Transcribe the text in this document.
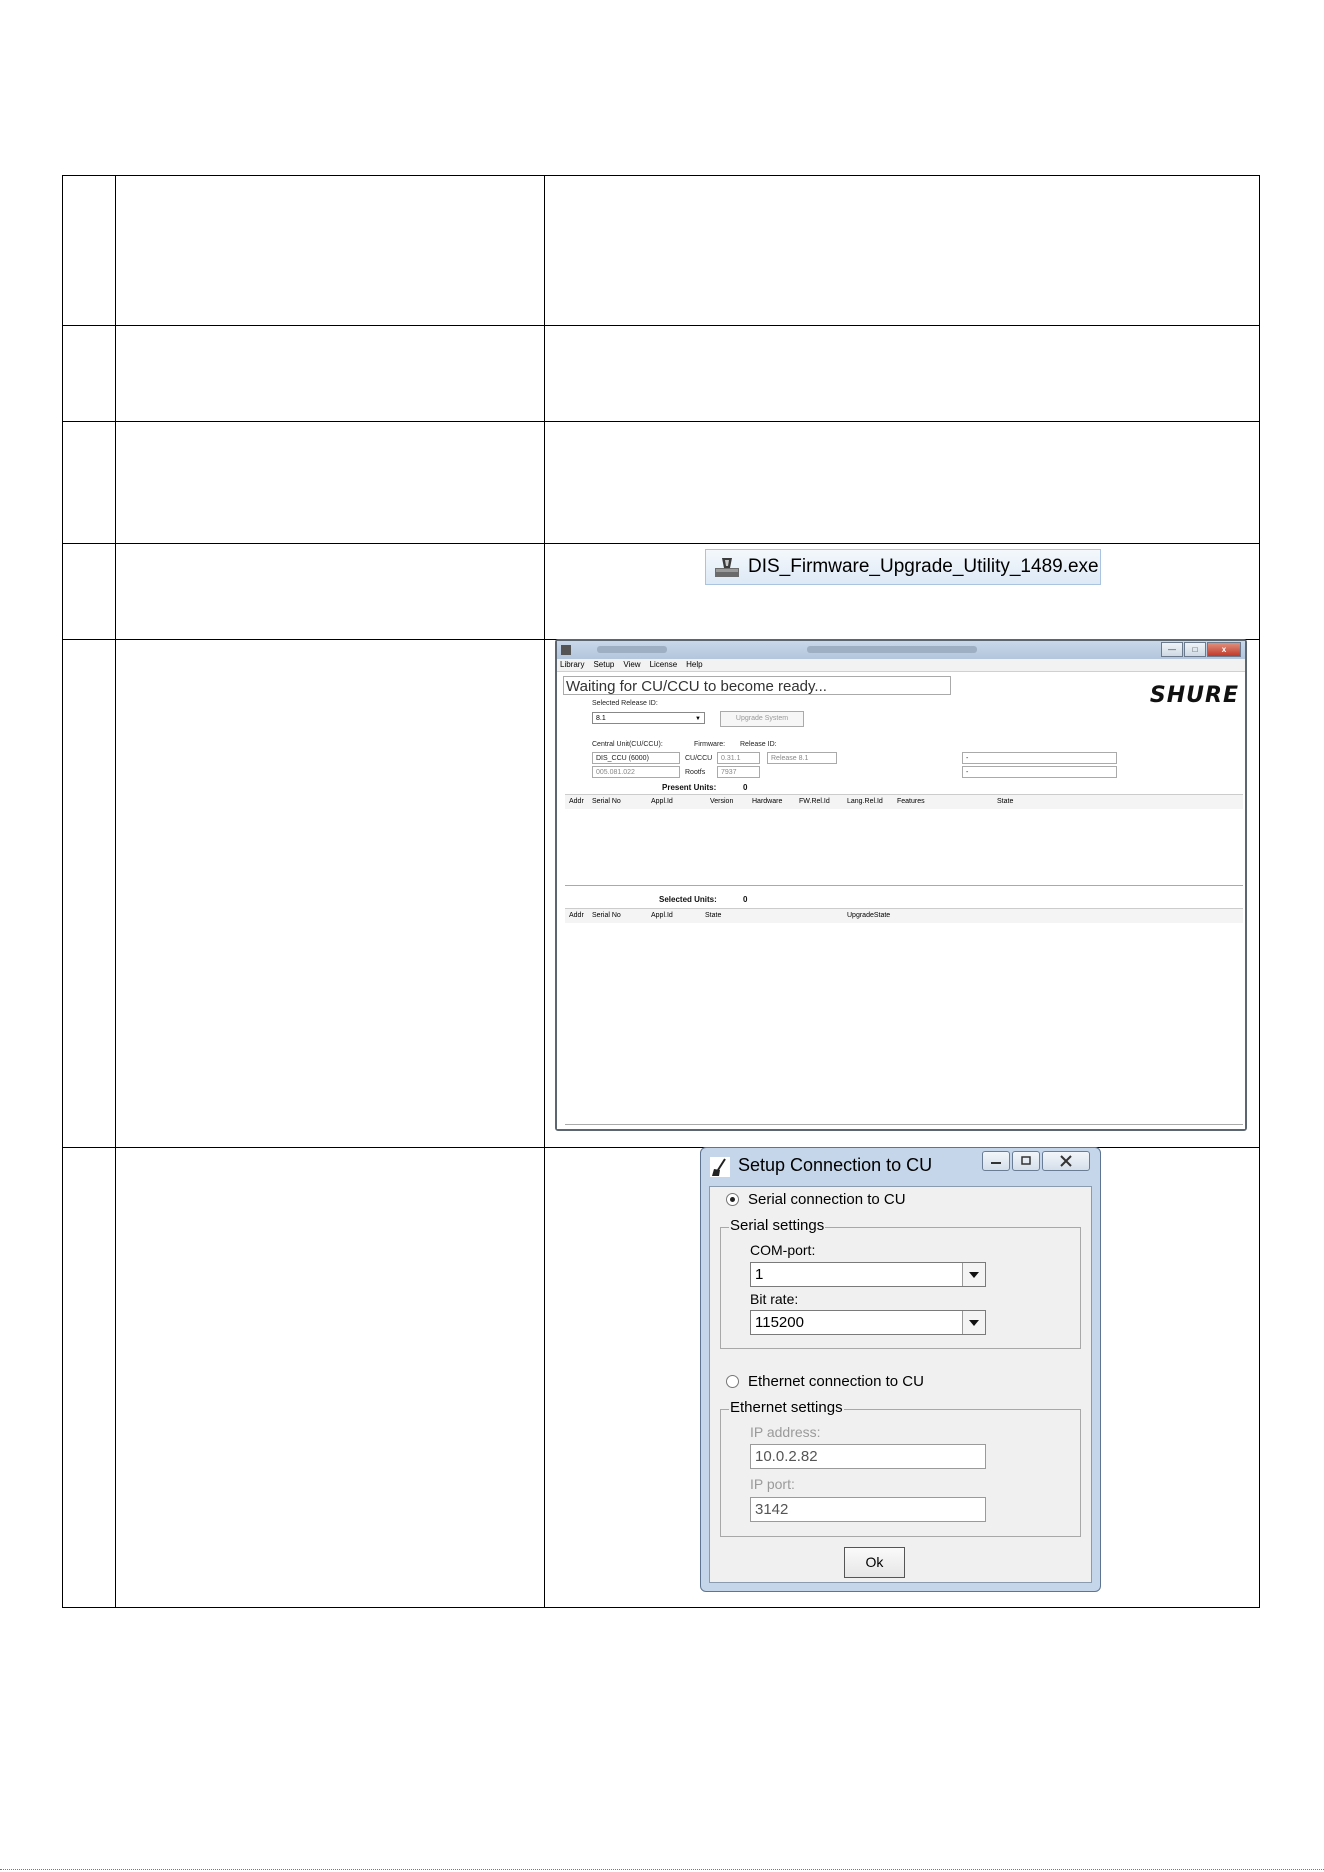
DIS_Firmware_Upgrade_Utility_1489.exe
—	□	x
Library Setup View License Help
Waiting for CU/CCU to become ready...	SHURE
Selected Release ID:
8.1	▼	Upgrade System
Central Unit(CU/CCU):	Firmware: Release ID:
DIS_CCU (6000)	CU/CCU	0.31.1	Release 8.1	-
005.081.022	Rootfs	7937	-
Present Units:	0
Addr Serial No	Appl.Id	Version	Hardware FW.Rel.Id Lang.Rel.Id Features	State
Selected Units:	0
Addr Serial No	Appl.Id	State	UpgradeState
Setup Connection to CU
Serial connection to CU
Serial settings
COM-port:
1
Bit rate:
115200
Ethernet connection to CU
Ethernet settings
IP address:
10.0.2.82
IP port:
3142
Ok
